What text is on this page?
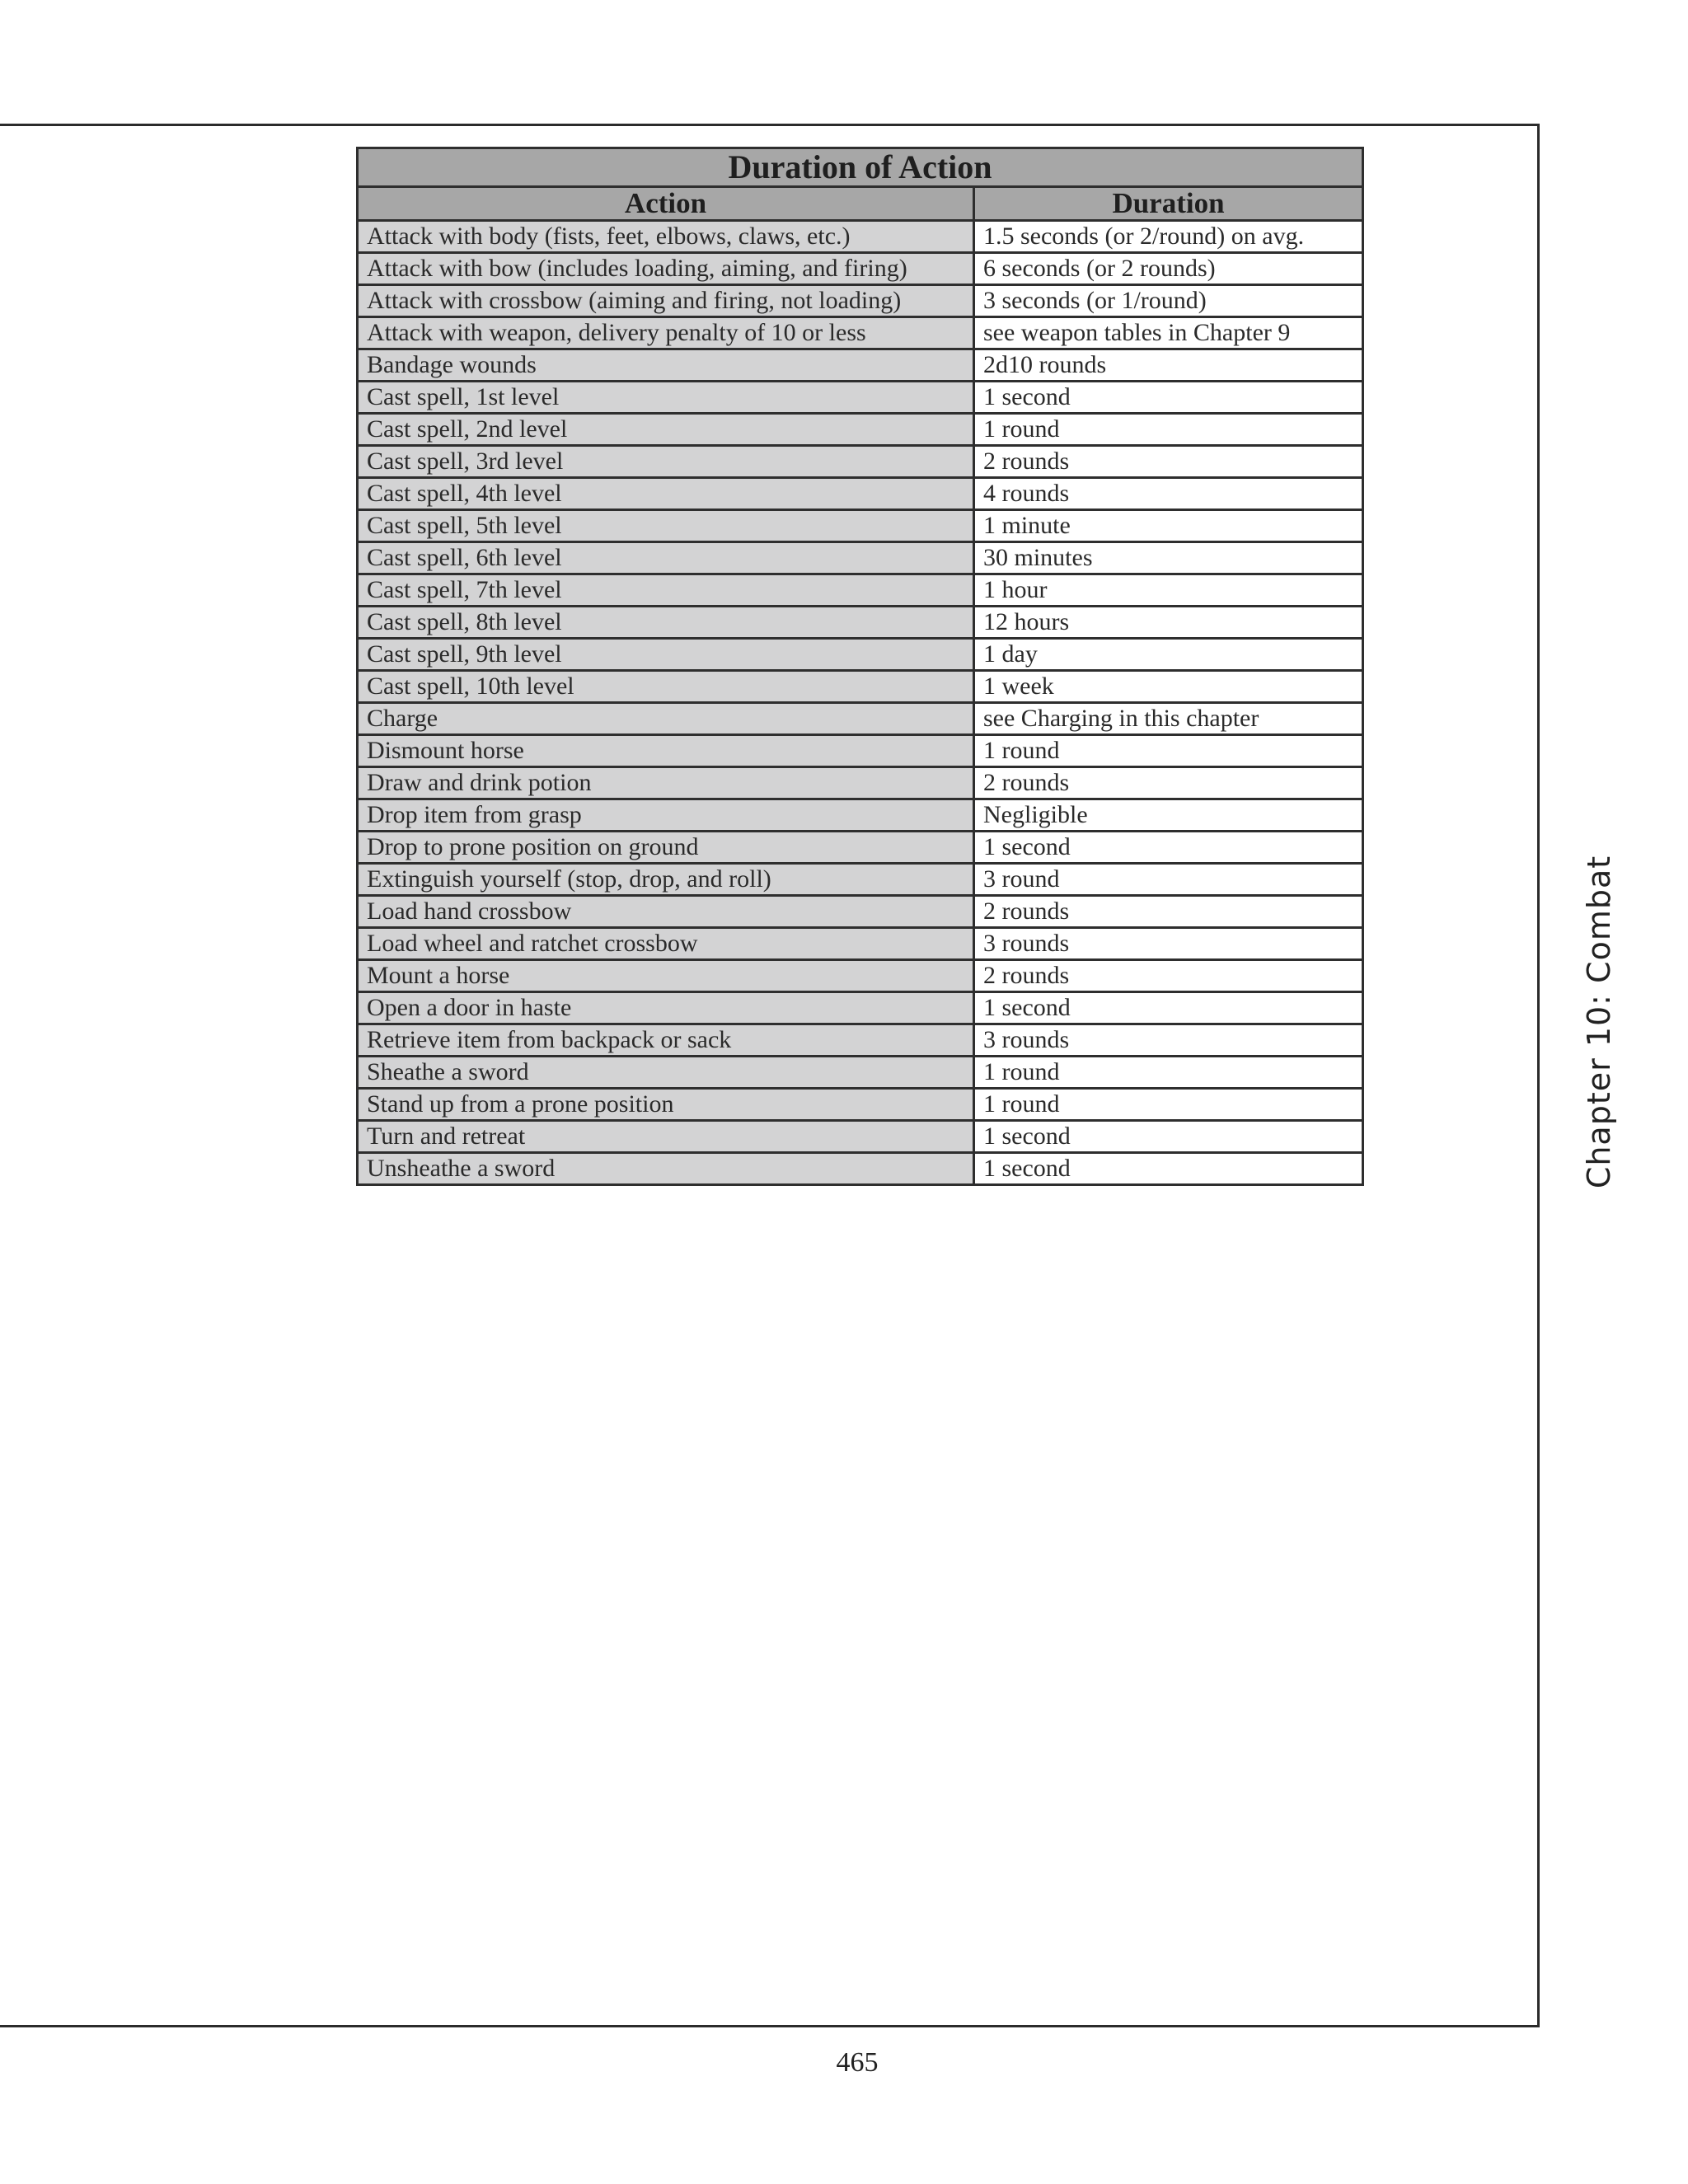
Duration of Action	
Action	Duration
Attack with body (fists, feet, elbows, claws, etc.)	1.5 seconds (or 2/round) on avg.
Attack with bow (includes loading, aiming, and firing)	6 seconds (or 2 rounds)
Attack with crossbow (aiming and firing, not loading)	3 seconds (or 1/round)
Attack with weapon, delivery penalty of 10 or less	see weapon tables in Chapter 9
Bandage wounds	2d10 rounds
Cast spell, 1st level	1 second
Cast spell, 2nd level	1 round
Cast spell, 3rd level	2 rounds
Cast spell, 4th level	4 rounds
Cast spell, 5th level	1 minute
Cast spell, 6th level	30 minutes
Cast spell, 7th level	1 hour
Cast spell, 8th level	12 hours
Cast spell, 9th level	1 day
Cast spell, 10th level	1 week
Charge	see Charging in this chapter
Dismount horse	1 round
Draw and drink potion	2 rounds
Drop item from grasp	Negligible
Drop to prone position on ground	1 second
Extinguish yourself (stop, drop, and roll)	3 round
Load hand crossbow	2 rounds
Load wheel and ratchet crossbow	3 rounds
Mount a horse	2 rounds
Open a door in haste	1 second
Retrieve item from backpack or sack	3 rounds
Sheathe a sword	1 round
Stand up from a prone position	1 round
Turn and retreat	1 second
Unsheathe a sword	1 second	Chapter 10: Combat
465
